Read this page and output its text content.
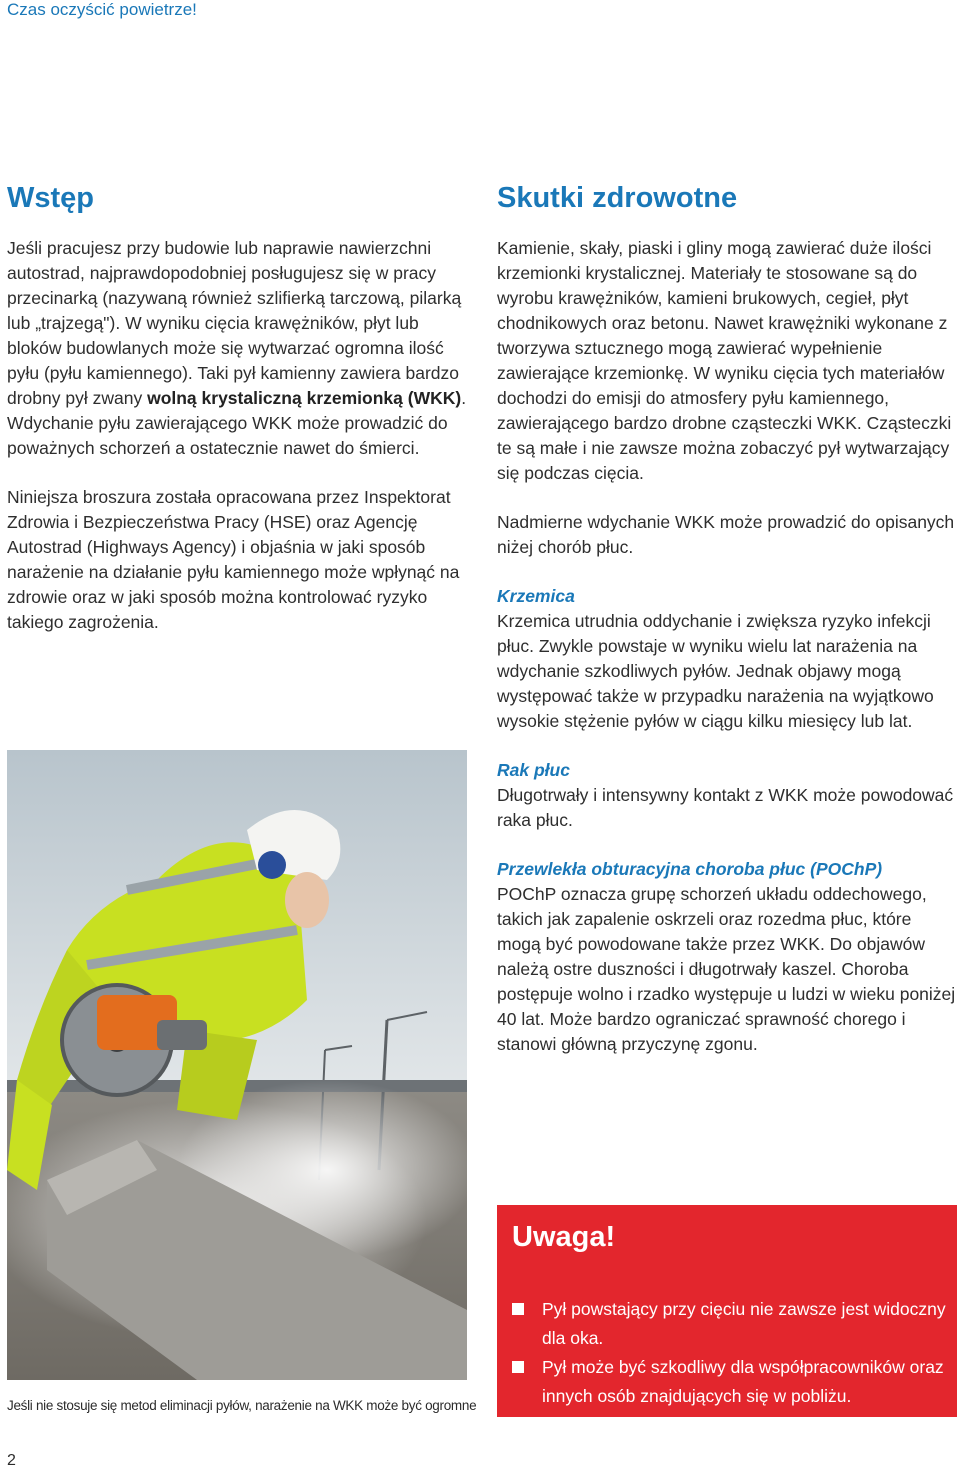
Czas oczyścić powietrze!
Wstęp

Jeśli pracujesz przy budowie lub naprawie nawierzchni autostrad, najprawdopodobniej posługujesz się w pracy przecinarką (nazywaną również szlifierką tarczową, pilarką lub „trajzegą"). W wyniku cięcia krawężników, płyt lub bloków budowlanych może się wytwarzać ogromna ilość pyłu (pyłu kamiennego). Taki pył kamienny zawiera bardzo drobny pył zwany wolną krystaliczną krzemionką (WKK). Wdychanie pyłu zawierającego WKK może prowadzić do poważnych schorzeń a ostatecznie nawet do śmierci.

Niniejsza broszura została opracowana przez Inspektorat Zdrowia i Bezpieczeństwa Pracy (HSE) oraz Agencję Autostrad (Highways Agency) i objaśnia w jaki sposób narażenie na działanie pyłu kamiennego może wpłynąć na zdrowie oraz w jaki sposób można kontrolować ryzyko takiego zagrożenia.

Jeśli nie stosuje się metod eliminacji pyłów, narażenie na WKK może być ogromne
Skutki zdrowotne

Kamienie, skały, piaski i gliny mogą zawierać duże ilości krzemionki krystalicznej. Materiały te stosowane są do wyrobu krawężników, kamieni brukowych, cegieł, płyt chodnikowych oraz betonu. Nawet krawężniki wykonane z tworzywa sztucznego mogą zawierać wypełnienie zawierające krzemionkę. W wyniku cięcia tych materiałów dochodzi do emisji do atmosfery pyłu kamiennego, zawierającego bardzo drobne cząsteczki WKK. Cząsteczki te są małe i nie zawsze można zobaczyć pył wytwarzający się podczas cięcia.

Nadmierne wdychanie WKK może prowadzić do opisanych niżej chorób płuc.

Krzemica

Krzemica utrudnia oddychanie i zwiększa ryzyko infekcji płuc. Zwykle powstaje w wyniku wielu lat narażenia na wdychanie szkodliwych pyłów. Jednak objawy mogą występować także w przypadku narażenia na wyjątkowo wysokie stężenie pyłów w ciągu kilku miesięcy lub lat.

Rak płuc

Długotrwały i intensywny kontakt z WKK może powodować raka płuc.

Przewlekła obturacyjna choroba płuc (POChP)

POChP oznacza grupę schorzeń układu oddechowego, takich jak zapalenie oskrzeli oraz rozedma płuc, które mogą być powodowane także przez WKK. Do objawów należą ostre duszności i długotrwały kaszel. Choroba postępuje wolno i rzadko występuje u ludzi w wieku poniżej 40 lat. Może bardzo ograniczać sprawność chorego i stanowi główną przyczynę zgonu.

Uwaga!
Pył powstający przy cięciu nie zawsze jest widoczny dla oka.
Pył może być szkodliwy dla współpracowników oraz innych osób znajdujących się w pobliżu.
2
